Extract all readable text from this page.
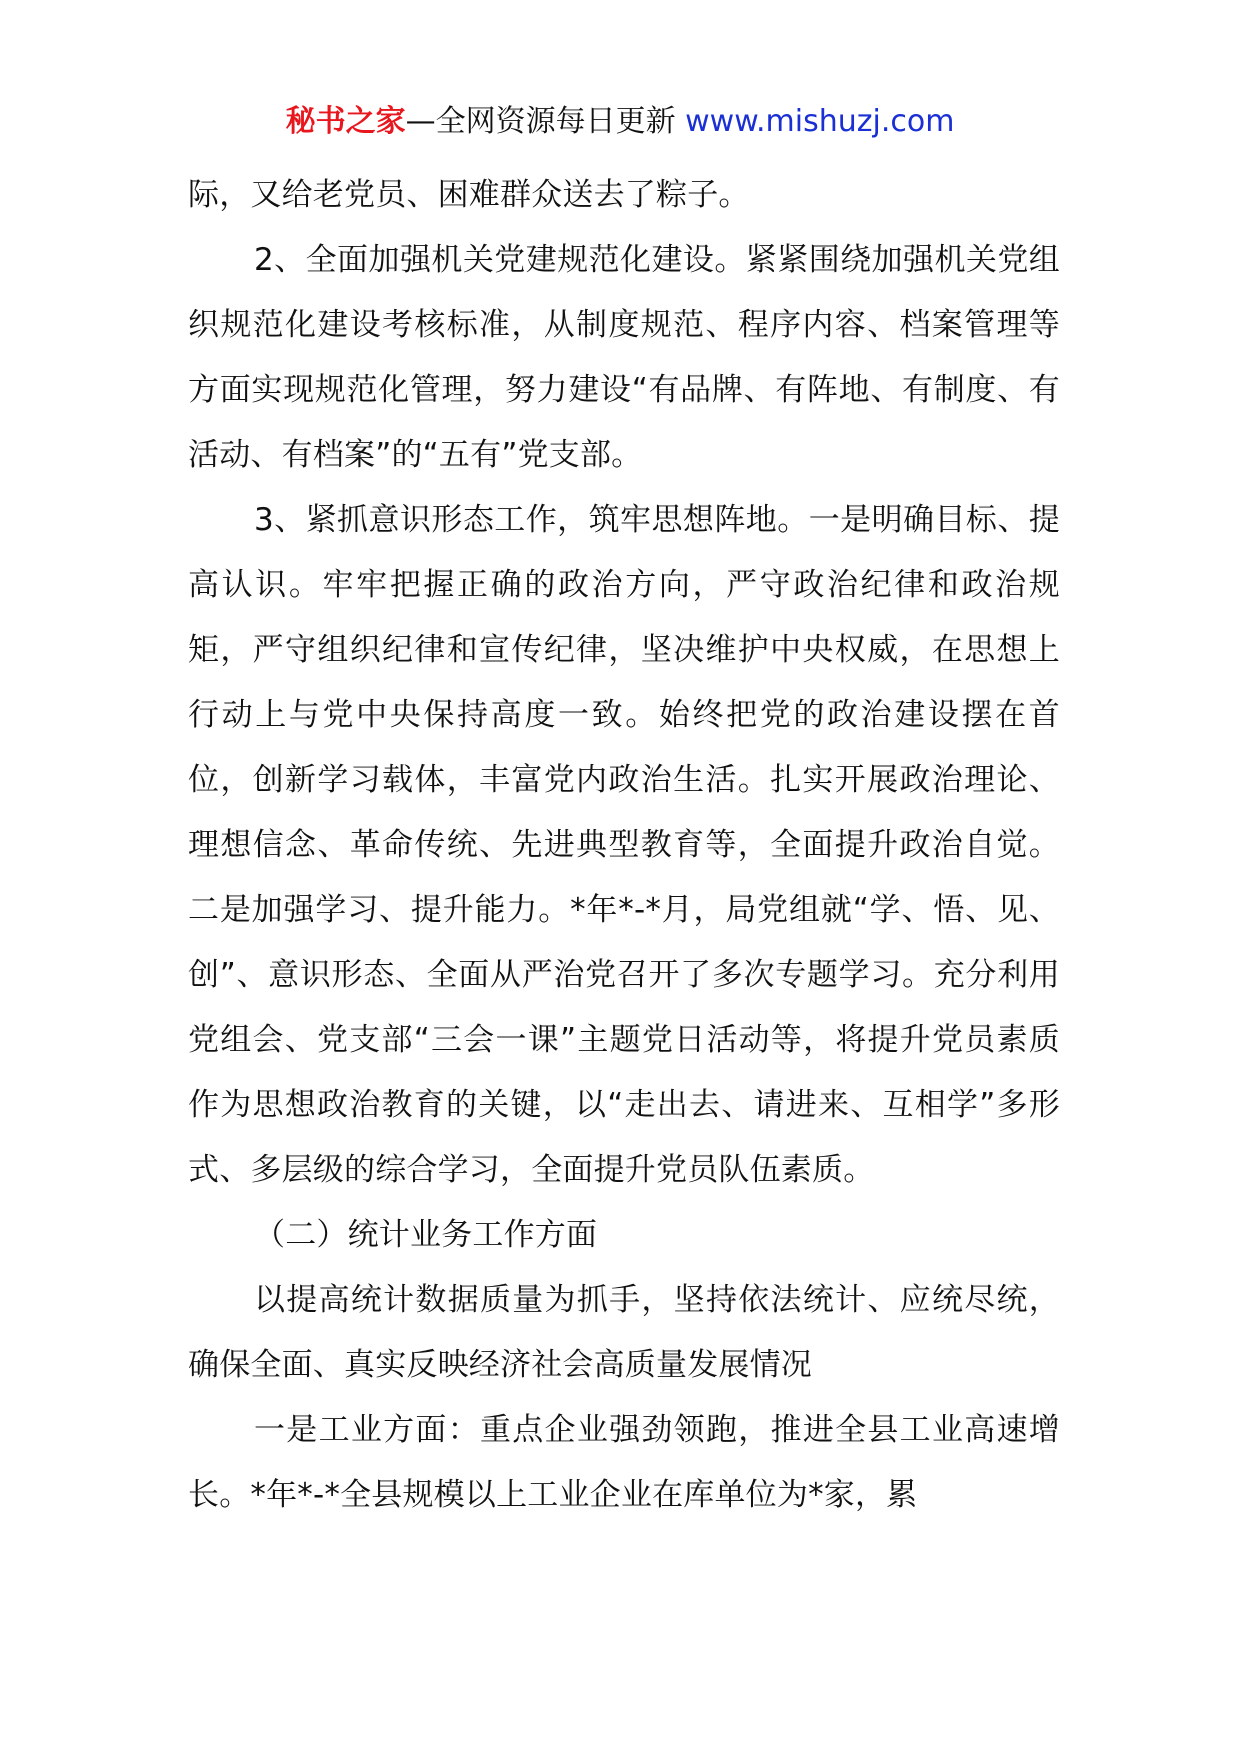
秘书之家—全网资源每日更新 www.mishuzj.com

际，又给老党员、困难群众送去了粽子。

2、全面加强机关党建规范化建设。紧紧围绕加强机关党组织规范化建设考核标准，从制度规范、程序内容、档案管理等方面实现规范化管理，努力建设“有品牌、有阵地、有制度、有活动、有档案”的“五有”党支部。

3、紧抓意识形态工作，筑牢思想阵地。一是明确目标、提高认识。牢牢把握正确的政治方向，严守政治纪律和政治规矩，严守组织纪律和宣传纪律，坚决维护中央权威，在思想上行动上与党中央保持高度一致。始终把党的政治建设摆在首位，创新学习载体，丰富党内政治生活。扎实开展政治理论、理想信念、革命传统、先进典型教育等，全面提升政治自觉。二是加强学习、提升能力。*年*-*月，局党组就“学、悟、见、创”、意识形态、全面从严治党召开了多次专题学习。充分利用党组会、党支部“三会一课”主题党日活动等，将提升党员素质作为思想政治教育的关键，以“走出去、请进来、互相学”多形式、多层级的综合学习，全面提升党员队伍素质。

（二）统计业务工作方面

以提高统计数据质量为抓手，坚持依法统计、应统尽统，确保全面、真实反映经济社会高质量发展情况

一是工业方面：重点企业强劲领跑，推进全县工业高速增长。*年*-*全县规模以上工业企业在库单位为*家，累
